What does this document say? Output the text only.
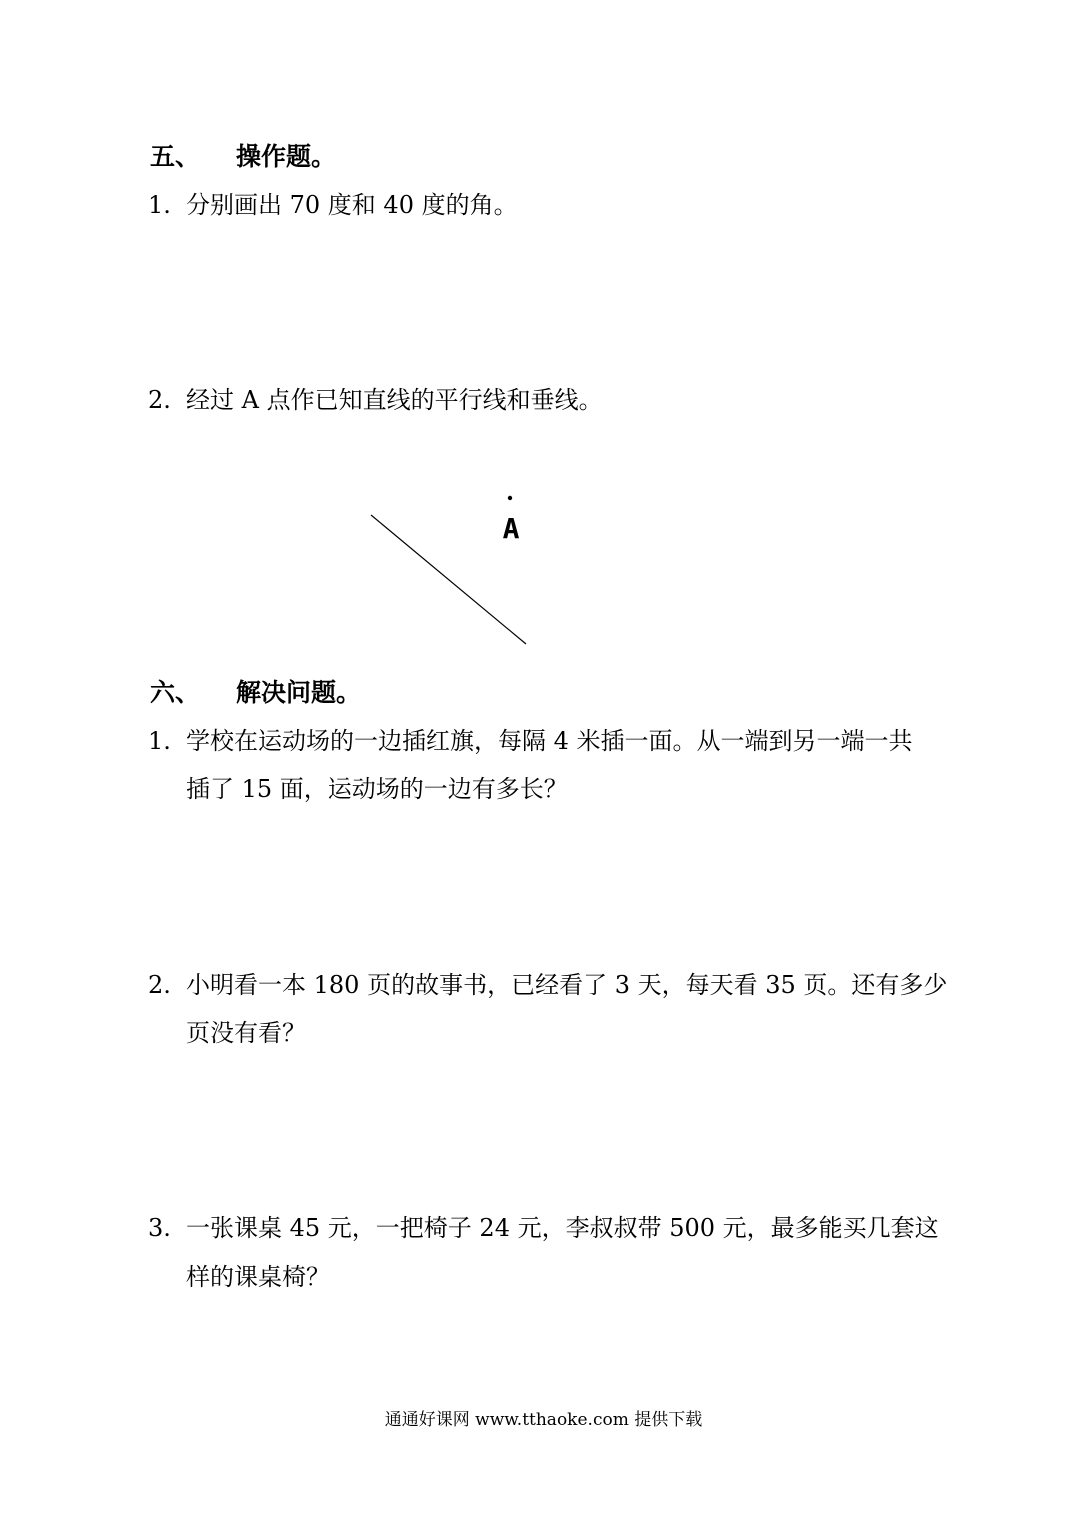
五、 操作题。
1. 分别画出 70 度和 40 度的角。
2. 经过 A 点作已知直线的平行线和垂线。
A
六、 解决问题。
1. 学校在运动场的一边插红旗，每隔 4 米插一面。从一端到另一端一共
插了 15 面，运动场的一边有多长？
2. 小明看一本 180 页的故事书，已经看了 3 天，每天看 35 页。还有多少
页没有看？
3. 一张课桌 45 元，一把椅子 24 元，李叔叔带 500 元，最多能买几套这
样的课桌椅？
通通好课网 www.tthaoke.com 提供下载
